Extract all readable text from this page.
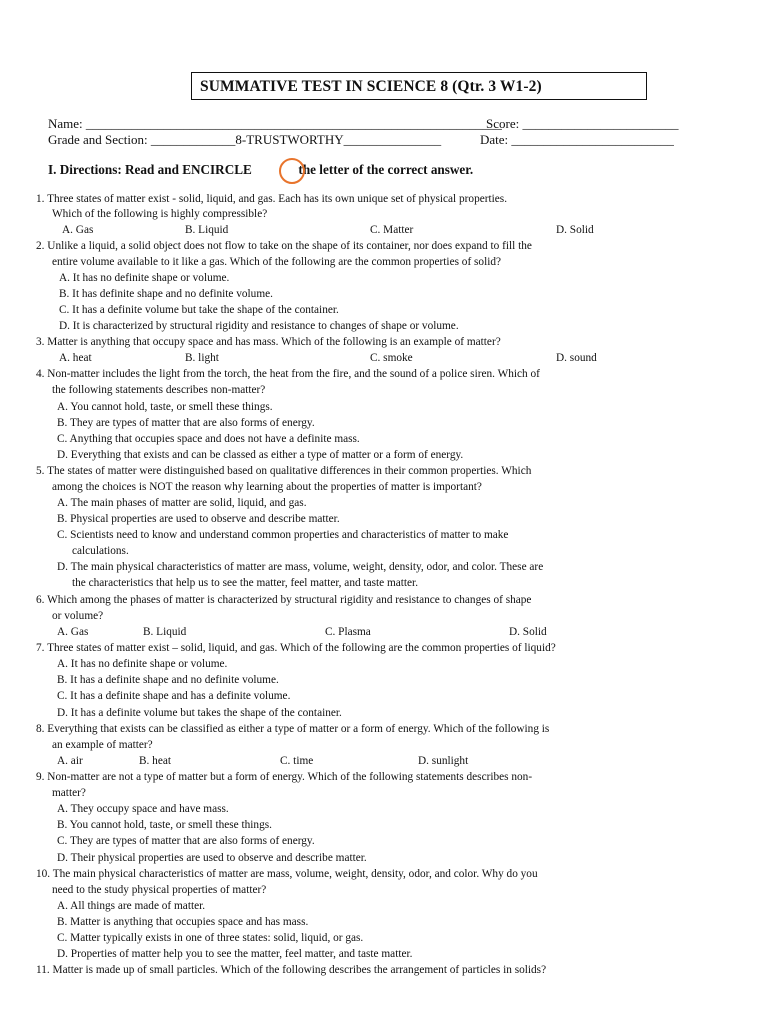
SUMMATIVE TEST IN SCIENCE 8 (Qtr. 3 W1-2)
Name: ________________________________________________________________
Score: ________________________
Grade and Section: _____________8-TRUSTWORTHY_______________	Date: _________________________
I. Directions: Read and ENCIRCLE	the letter of the correct answer.
1. Three states of matter exist - solid, liquid, and gas. Each has its own unique set of physical properties.
Which of the following is highly compressible?
A. Gas	B. Liquid	C. Matter	D. Solid
2. Unlike a liquid, a solid object does not flow to take on the shape of its container, nor does expand to fill the
entire volume available to it like a gas. Which of the following are the common properties of solid?
A. It has no definite shape or volume.
B. It has definite shape and no definite volume.
C. It has a definite volume but take the shape of the container.
D. It is characterized by structural rigidity and resistance to changes of shape or volume.
3. Matter is anything that occupy space and has mass. Which of the following is an example of matter?
A. heat	B. light	C. smoke	D. sound
4. Non-matter includes the light from the torch, the heat from the fire, and the sound of a police siren. Which of
the following statements describes non-matter?
A. You cannot hold, taste, or smell these things.
B. They are types of matter that are also forms of energy.
C. Anything that occupies space and does not have a definite mass.
D. Everything that exists and can be classed as either a type of matter or a form of energy.
5. The states of matter were distinguished based on qualitative differences in their common properties. Which
among the choices is NOT the reason why learning about the properties of matter is important?
A. The main phases of matter are solid, liquid, and gas.
B. Physical properties are used to observe and describe matter.
C. Scientists need to know and understand common properties and characteristics of matter to make
calculations.
D. The main physical characteristics of matter are mass, volume, weight, density, odor, and color. These are
the characteristics that help us to see the matter, feel matter, and taste matter.
6. Which among the phases of matter is characterized by structural rigidity and resistance to changes of shape
or volume?
A. Gas	B. Liquid	C. Plasma	D. Solid
7. Three states of matter exist – solid, liquid, and gas. Which of the following are the common properties of liquid?
A. It has no definite shape or volume.
B. It has a definite shape and no definite volume.
C. It has a definite shape and has a definite volume.
D. It has a definite volume but takes the shape of the container.
8. Everything that exists can be classified as either a type of matter or a form of energy. Which of the following is
an example of matter?
A. air	B. heat	C. time	D. sunlight
9. Non-matter are not a type of matter but a form of energy. Which of the following statements describes non-
matter?
A. They occupy space and have mass.
B. You cannot hold, taste, or smell these things.
C. They are types of matter that are also forms of energy.
D. Their physical properties are used to observe and describe matter.
10. The main physical characteristics of matter are mass, volume, weight, density, odor, and color. Why do you
need to the study physical properties of matter?
A. All things are made of matter.
B. Matter is anything that occupies space and has mass.
C. Matter typically exists in one of three states: solid, liquid, or gas.
D. Properties of matter help you to see the matter, feel matter, and taste matter.
11. Matter is made up of small particles. Which of the following describes the arrangement of particles in solids?
